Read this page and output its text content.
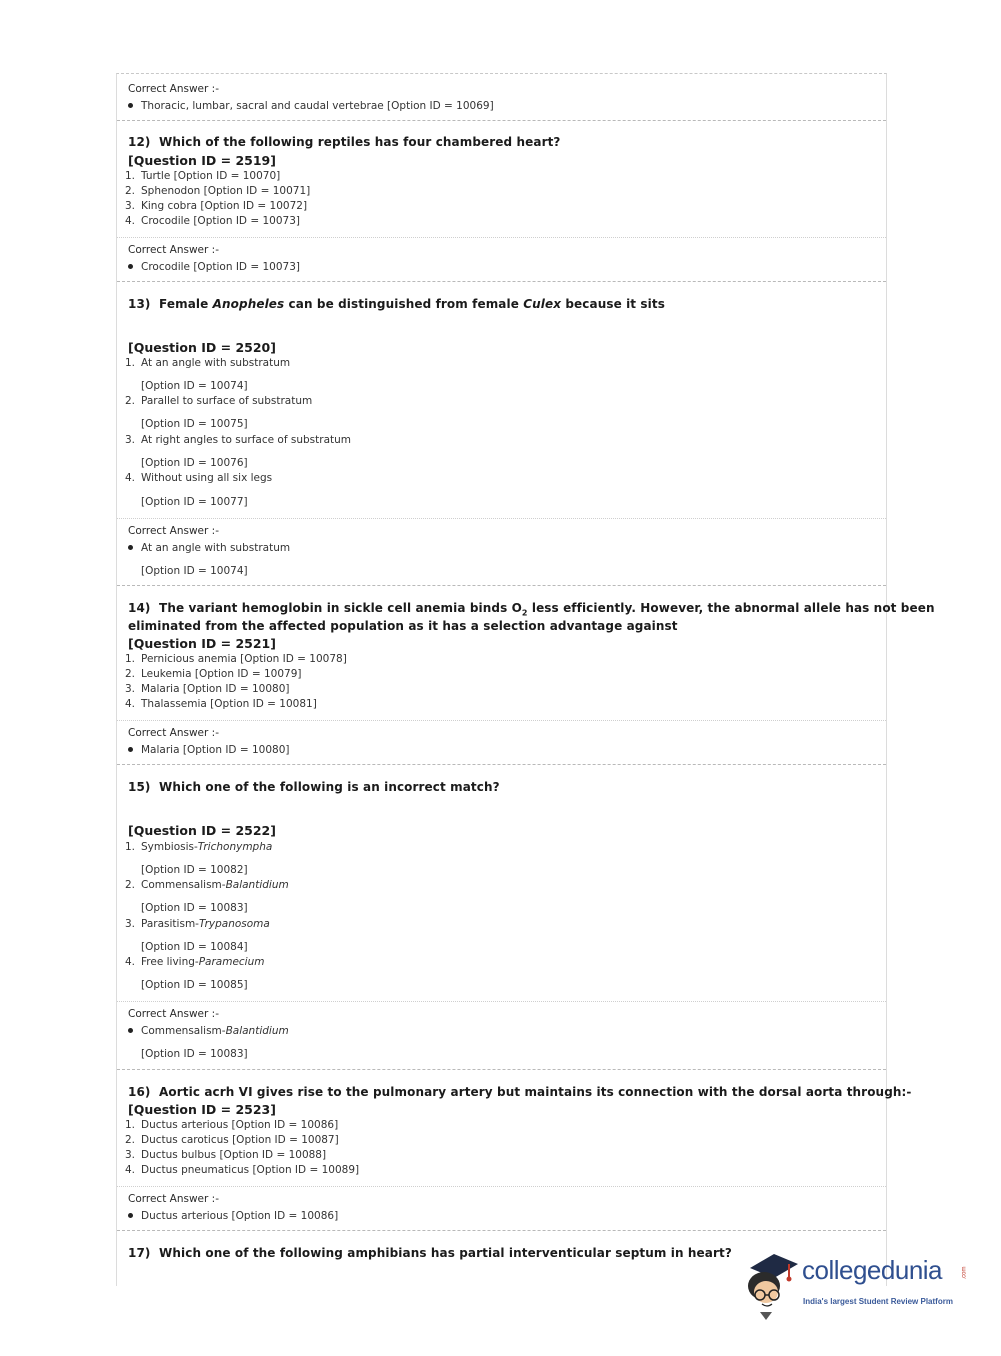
Correct Answer :-
Thoracic, lumbar, sacral and caudal vertebrae [Option ID = 10069]
12) Which of the following reptiles has four chambered heart?
[Question ID = 2519]
1. Turtle [Option ID = 10070]
2. Sphenodon [Option ID = 10071]
3. King cobra [Option ID = 10072]
4. Crocodile [Option ID = 10073]
Correct Answer :-
Crocodile [Option ID = 10073]
13) Female Anopheles can be distinguished from female Culex because it sits
[Question ID = 2520]
1. At an angle with substratum
[Option ID = 10074]
2. Parallel to surface of substratum
[Option ID = 10075]
3. At right angles to surface of substratum
[Option ID = 10076]
4. Without using all six legs
[Option ID = 10077]
Correct Answer :-
At an angle with substratum
[Option ID = 10074]
14) The variant hemoglobin in sickle cell anemia binds $O_2$ less efficiently. However, the abnormal allele has not been
eliminated from the affected population as it has a selection advantage against
[Question ID = 2521]
1. Pernicious anemia [Option ID = 10078]
2. Leukemia [Option ID = 10079]
3. Malaria [Option ID = 10080]
4. Thalassemia [Option ID = 10081]
Correct Answer :-
Malaria [Option ID = 10080]
15) Which one of the following is an incorrect match?
[Question ID = 2522]
1. Symbiosis-Trichonympha
[Option ID = 10082]
2. Commensalism-Balantidium
[Option ID = 10083]
3. Parasitism-Trypanosoma
[Option ID = 10084]
4. Free living-Paramecium
[Option ID = 10085]
Correct Answer :-
Commensalism-Balantidium
[Option ID = 10083]
16) Aortic acrh VI gives rise to the pulmonary artery but maintains its connection with the dorsal aorta through:-
[Question ID = 2523]
1. Ductus arterious [Option ID = 10086]
2. Ductus caroticus [Option ID = 10087]
3. Ductus bulbus [Option ID = 10088]
4. Ductus pneumaticus [Option ID = 10089]
Correct Answer :-
Ductus arterious [Option ID = 10086]
17) Which one of the following amphibians has partial interventicular septum in heart?
collegedunia	.com
India's largest Student Review Platform
